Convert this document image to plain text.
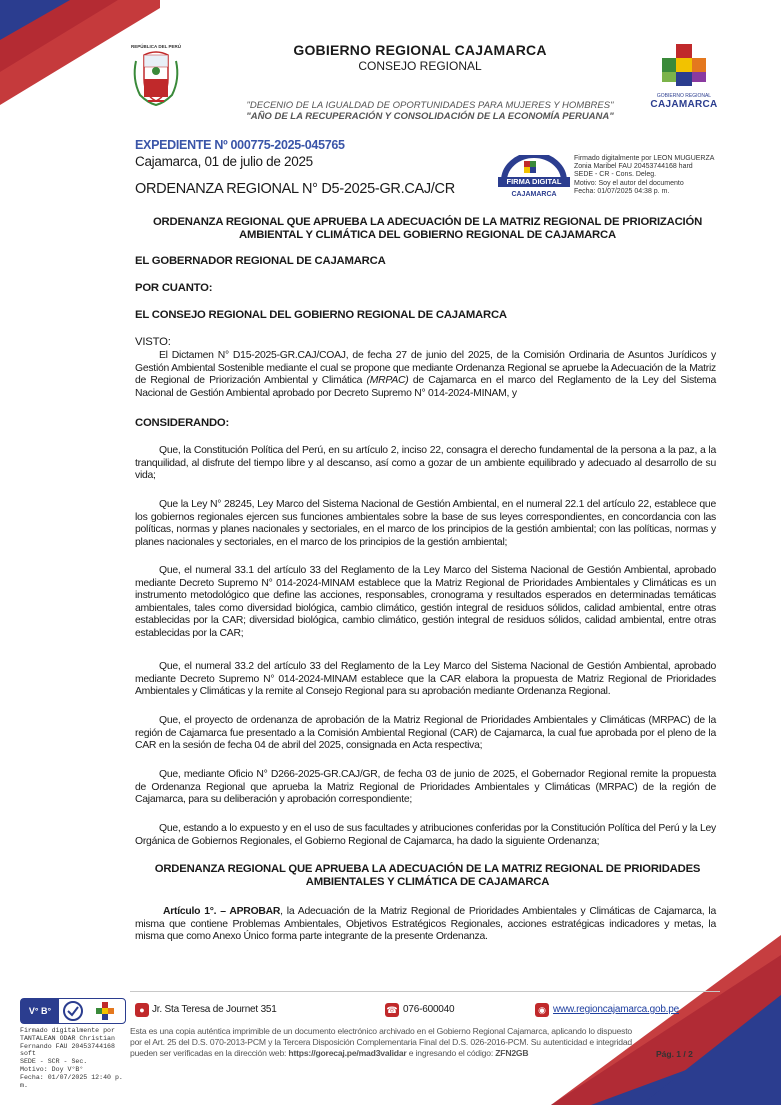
REPÚBLICA DEL PERÚ	GOBIERNO REGIONAL CAJAMARCA
CONSEJO REGIONAL
GOBIERNO REGIONAL
CAJAMARCA
"DECENIO DE LA IGUALDAD DE OPORTUNIDADES PARA MUJERES Y HOMBRES"
"AÑO DE LA RECUPERACIÓN Y CONSOLIDACIÓN DE LA ECONOMÍA PERUANA"
EXPEDIENTE Nº 000775-2025-045765
Cajamarca, 01 de julio de 2025
ORDENANZA REGIONAL N° D5-2025-GR.CAJ/CR	FIRMA DIGITAL
CAJAMARCA
Firmado digitalmente por LEON MUGUERZA
Zonia Maribel FAU 20453744168 hard
SEDE - CR - Cons. Deleg.
Motivo: Soy el autor del documento
Fecha: 01/07/2025 04:38 p. m.
ORDENANZA REGIONAL QUE APRUEBA LA ADECUACIÓN DE LA MATRIZ REGIONAL DE PRIORIZACIÓN AMBIENTAL Y CLIMÁTICA DEL GOBIERNO REGIONAL DE CAJAMARCA
EL GOBERNADOR REGIONAL DE CAJAMARCA
POR CUANTO:
EL CONSEJO REGIONAL DEL GOBIERNO REGIONAL DE CAJAMARCA
VISTO:
El Dictamen N° D15-2025-GR.CAJ/COAJ, de fecha 27 de junio del 2025, de la Comisión Ordinaria de Asuntos Jurídicos y Gestión Ambiental Sostenible mediante el cual se propone que mediante Ordenanza Regional se apruebe la Adecuación de la Matriz de Regional de Priorización Ambiental y Climática (MRPAC) de Cajamarca en el marco del Reglamento de la Ley del Sistema Nacional de Gestión Ambiental aprobado por Decreto Supremo N° 014-2024-MINAM, y
CONSIDERANDO:
Que, la Constitución Política del Perú, en su artículo 2, inciso 22, consagra el derecho fundamental de la persona a la paz, a la tranquilidad, al disfrute del tiempo libre y al descanso, así como a gozar de un ambiente equilibrado y adecuado al desarrollo de su vida;
Que la Ley N° 28245, Ley Marco del Sistema Nacional de Gestión Ambiental, en el numeral 22.1 del artículo 22, establece que los gobiernos regionales ejercen sus funciones ambientales sobre la base de sus leyes correspondientes, en concordancia con las políticas, normas y planes nacionales y sectoriales, en el marco de los principios de la gestión ambiental; con las políticas, normas y planes nacionales y sectoriales, en el marco de los principios de la gestión ambiental;
Que, el numeral 33.1 del artículo 33 del Reglamento de la Ley Marco del Sistema Nacional de Gestión Ambiental, aprobado mediante Decreto Supremo N° 014-2024-MINAM establece que la Matriz Regional de Prioridades Ambientales y Climáticas es un instrumento metodológico que define las acciones, responsables, cronograma y resultados esperados en determinadas temáticas ambientales, tales como diversidad biológica, cambio climático, gestión integral de residuos sólidos, calidad ambiental, entre otras establecidas por la CAR; diversidad biológica, cambio climático, gestión integral de residuos sólidos, calidad ambiental, entre otras establecidas por la CAR;
Que, el numeral 33.2 del artículo 33 del Reglamento de la Ley Marco del Sistema Nacional de Gestión Ambiental, aprobado mediante Decreto Supremo N° 014-2024-MINAM establece que la CAR elabora la propuesta de Matriz Regional de Prioridades Ambientales y Climáticas y la remite al Consejo Regional para su aprobación mediante Ordenanza Regional.
Que, el proyecto de ordenanza de aprobación de la Matriz Regional de Prioridades Ambientales y Climáticas (MRPAC) de la región de Cajamarca fue presentado a la Comisión Ambiental Regional (CAR) de Cajamarca, la cual fue aprobada por el pleno de la CAR en la sesión de fecha 04 de abril del 2025, consignada en Acta respectiva;
Que, mediante Oficio N° D266-2025-GR.CAJ/GR, de fecha 03 de junio de 2025, el Gobernador Regional remite la propuesta de Ordenanza Regional que aprueba la Matriz Regional de Prioridades Ambientales y Climáticas (MRPAC) de la región de Cajamarca, para su deliberación y aprobación correspondiente;
Que, estando a lo expuesto y en el uso de sus facultades y atribuciones conferidas por la Constitución Política del Perú y la Ley Orgánica de Gobiernos Regionales, el Gobierno Regional de Cajamarca, ha dado la siguiente Ordenanza;
ORDENANZA REGIONAL QUE APRUEBA LA ADECUACIÓN DE LA MATRIZ REGIONAL DE PRIORIDADES AMBIENTALES Y CLIMÁTICA DE CAJAMARCA
Artículo 1°. – APROBAR, la Adecuación de la Matriz Regional de Prioridades Ambientales y Climáticas de Cajamarca, la misma que contiene Problemas Ambientales, Objetivos Estratégicos Regionales, acciones estratégicas indicadores y metas, la misma que como Anexo Único forma parte integrante de la presente Ordenanza.
V° B°
Firmado digitalmente por
TANTALEAN ODAR Christian
Fernando FAU 20453744168
soft
SEDE - SCR - Sec.
Motivo: Doy V°B°
Fecha: 01/07/2025 12:40 p. m.
● Jr. Sta Teresa de Journet 351	☎ 076-600040	◉ www.regioncajamarca.gob.pe
Esta es una copia auténtica imprimible de un documento electrónico archivado en el Gobierno Regional Cajamarca, aplicando lo dispuesto por el Art. 25 del D.S. 070-2013-PCM y la Tercera Disposición Complementaria Final del D.S. 026-2016-PCM. Su autenticidad e integridad pueden ser verificadas en la dirección web: https://gorecaj.pe/mad3validar e ingresando el código: ZFN2GB	Pág. 1 / 2
